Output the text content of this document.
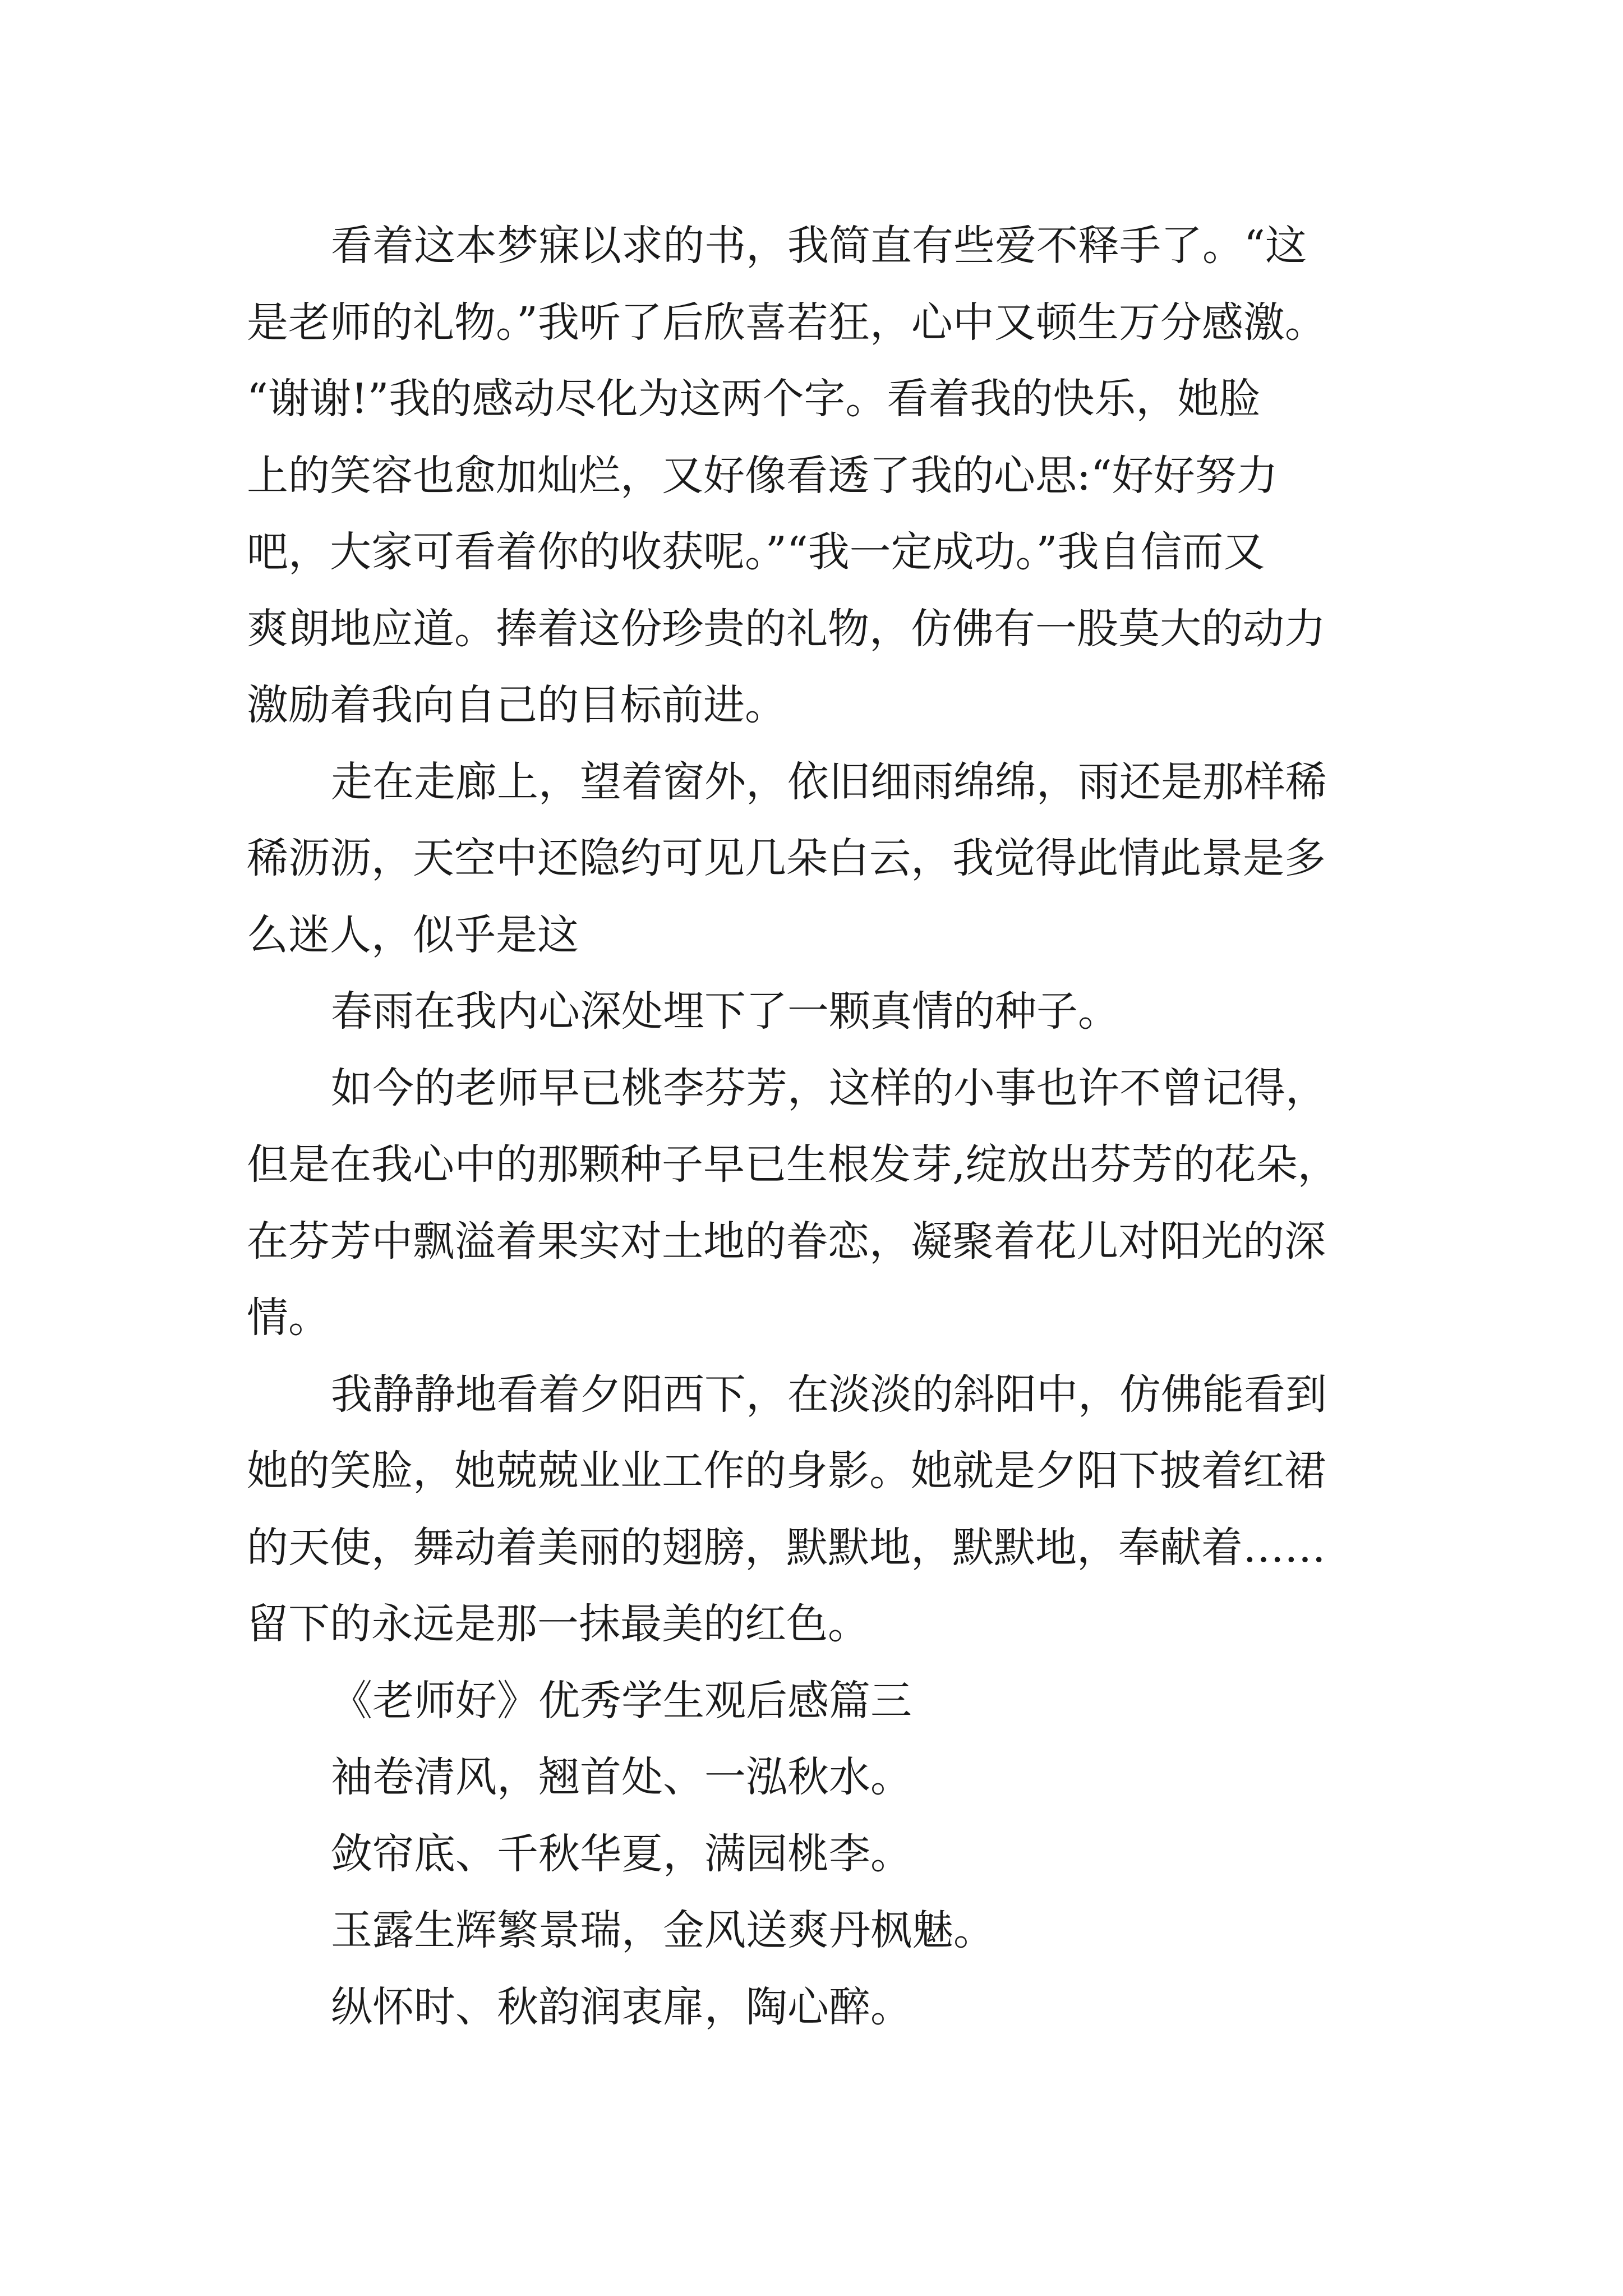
看着这本梦寐以求的书，我简直有些爱不释手了。“这
是老师的礼物。”我听了后欣喜若狂，心中又顿生万分感激。
“谢谢!”我的感动尽化为这两个字。看着我的快乐，她脸
上的笑容也愈加灿烂，又好像看透了我的心思:“好好努力
吧，大家可看着你的收获呢。”“我一定成功。”我自信而又
爽朗地应道。捧着这份珍贵的礼物，仿佛有一股莫大的动力
激励着我向自己的目标前进。
走在走廊上，望着窗外，依旧细雨绵绵，雨还是那样稀
稀沥沥，天空中还隐约可见几朵白云，我觉得此情此景是多
么迷人，似乎是这
春雨在我内心深处埋下了一颗真情的种子。
如今的老师早已桃李芬芳，这样的小事也许不曾记得，
但是在我心中的那颗种子早已生根发芽,绽放出芬芳的花朵，
在芬芳中飘溢着果实对土地的眷恋，凝聚着花儿对阳光的深
情。
我静静地看着夕阳西下，在淡淡的斜阳中，仿佛能看到
她的笑脸，她兢兢业业工作的身影。她就是夕阳下披着红裙
的天使，舞动着美丽的翅膀，默默地，默默地，奉献着……
留下的永远是那一抹最美的红色。
《老师好》优秀学生观后感篇三
袖卷清风，翘首处、一泓秋水。
敛帘底、千秋华夏，满园桃李。
玉露生辉繁景瑞，金风送爽丹枫魅。
纵怀时、秋韵润衷扉，陶心醉。
